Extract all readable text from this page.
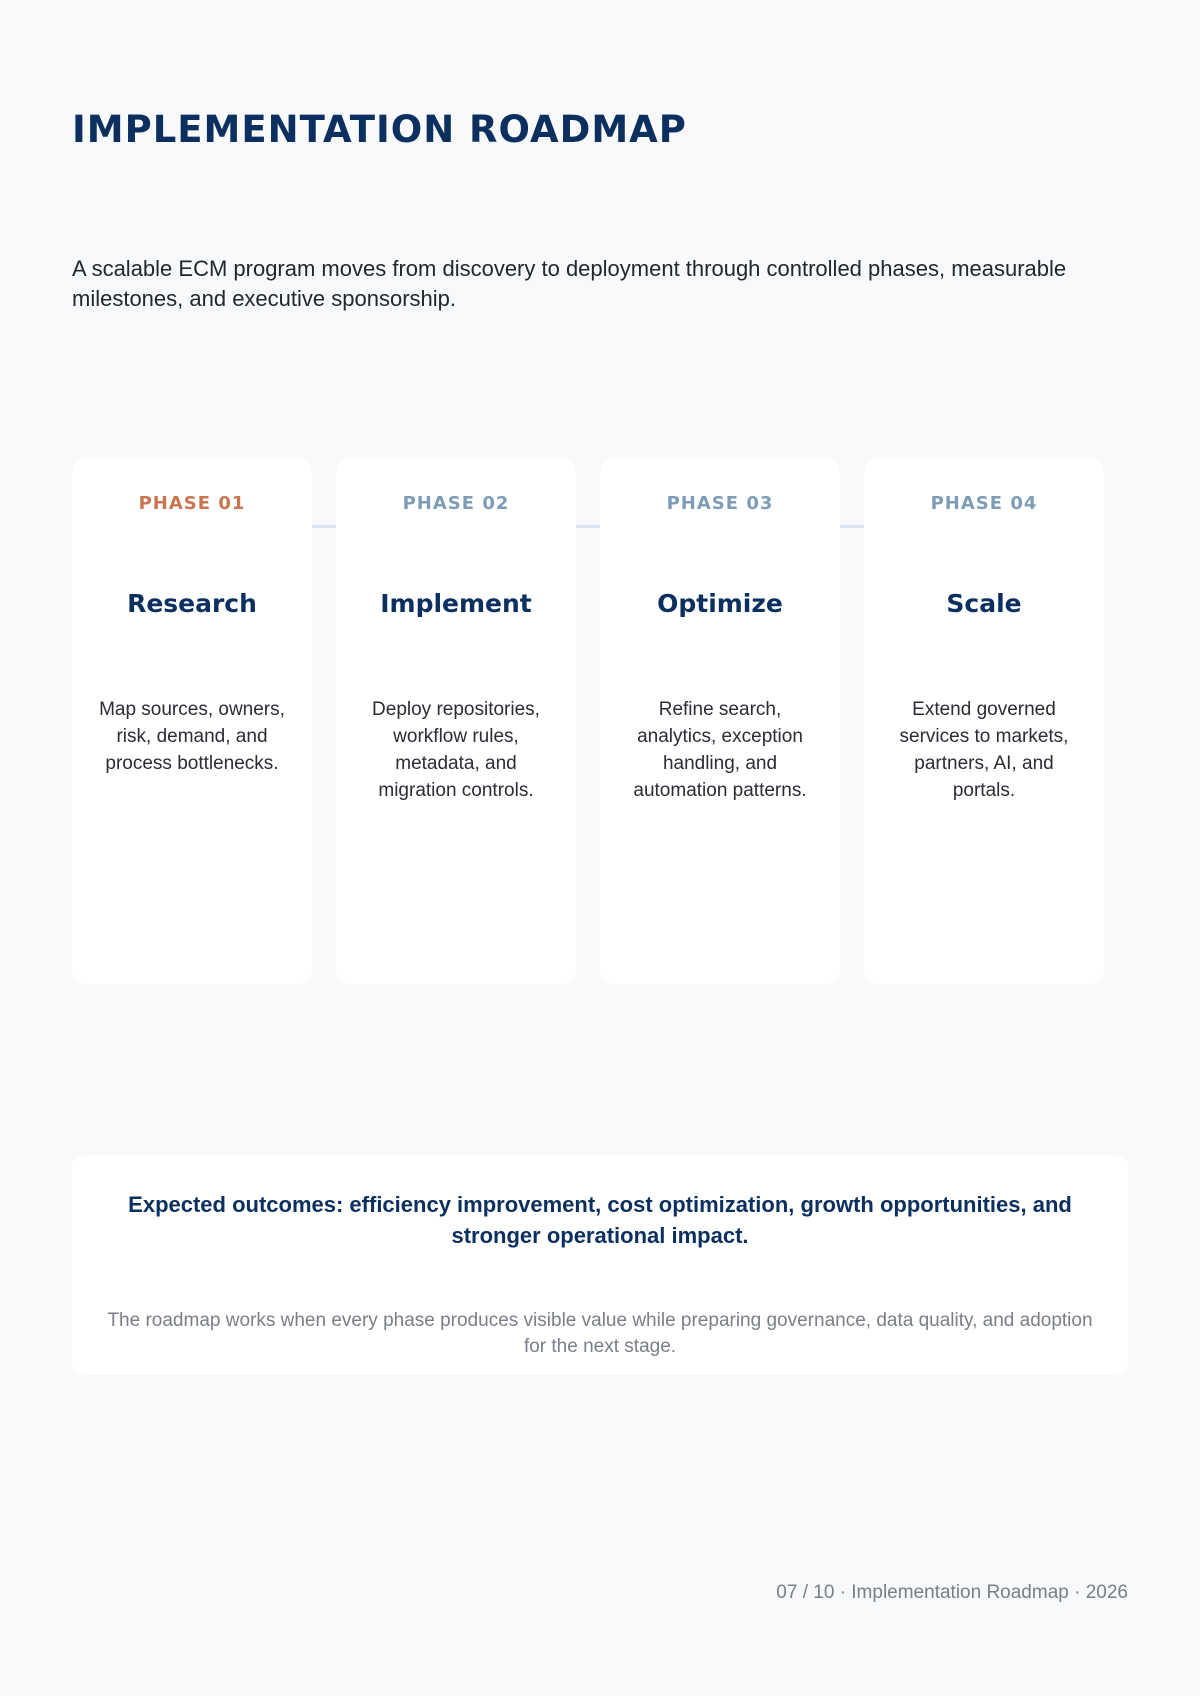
IMPLEMENTATION ROADMAP

A scalable ECM program moves from discovery to deployment through controlled phases, measurable milestones, and executive sponsorship.

PHASE 01
Research
Map sources, owners, risk, demand, and process bottlenecks.
PHASE 02
Implement
Deploy repositories, workflow rules, metadata, and migration controls.
PHASE 03
Optimize
Refine search, analytics, exception handling, and automation patterns.
PHASE 04
Scale
Extend governed services to markets, partners, AI, and portals.

Expected outcomes: efficiency improvement, cost optimization, growth opportunities, and stronger operational impact.

The roadmap works when every phase produces visible value while preparing governance, data quality, and adoption for the next stage.

07 / 10 · Implementation Roadmap · 2026
